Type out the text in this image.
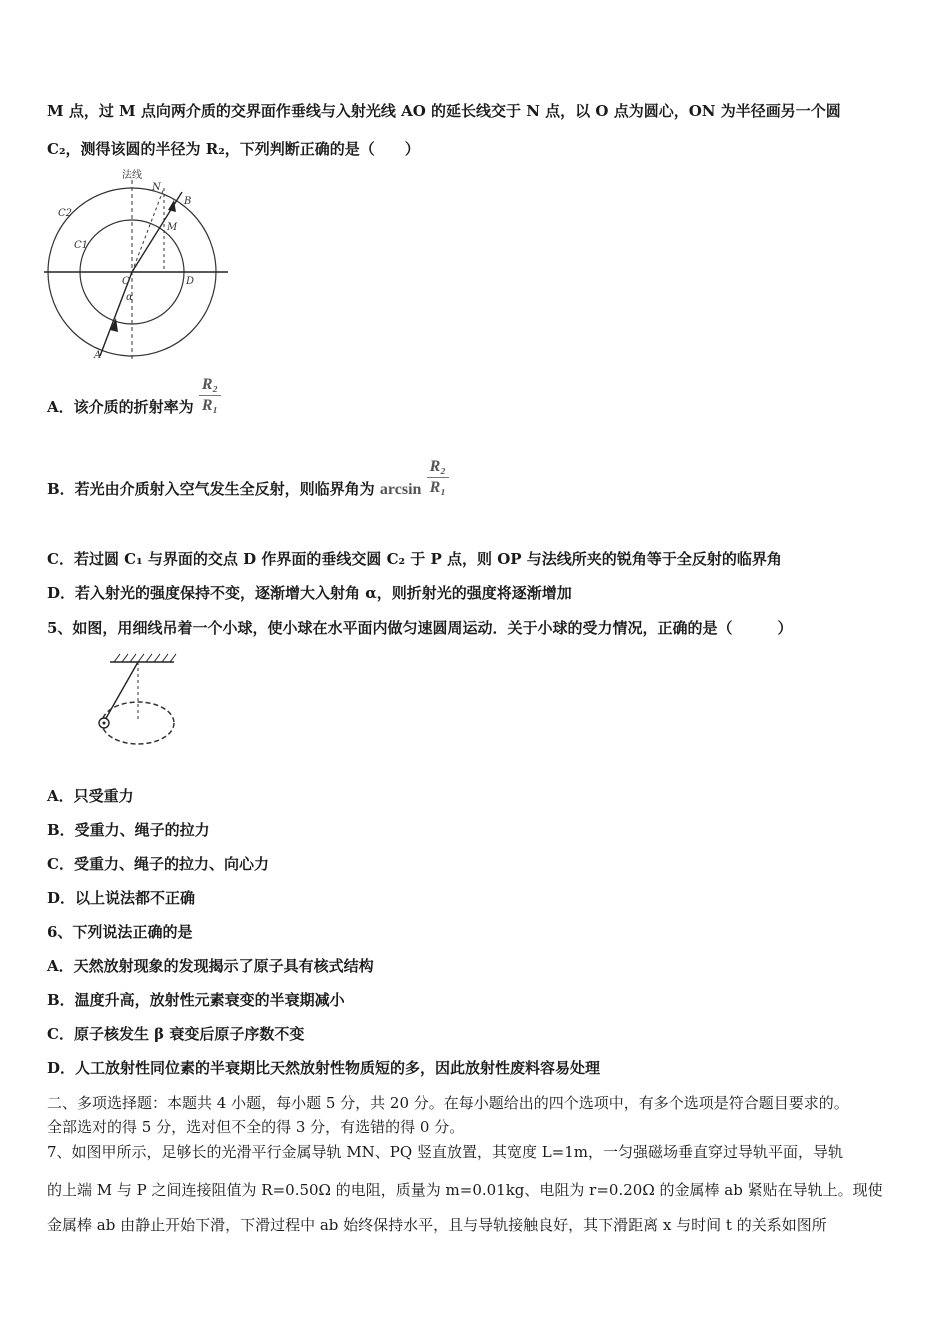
M 点，过 M 点向两介质的交界面作垂线与入射光线 AO 的延长线交于 N 点，以 O 点为圆心，ON 为半径画另一个圆
C₂，测得该圆的半径为 R₂，下列判断正确的是（　　）
法线
C2
C1
N
B
M
O	D
α
A
A．该介质的折射率为 $\frac{\text{R₂}}{\text{R₁}}$
B．若光由介质射入空气发生全反射，则临界角为 $\arcsin \frac{\text{R₂}}{\text{R₁}}$
C．若过圆 C₁ 与界面的交点 D 作界面的垂线交圆 C₂ 于 P 点，则 OP 与法线所夹的锐角等于全反射的临界角
D．若入射光的强度保持不变，逐渐增大入射角 α，则折射光的强度将逐渐增加
5、如图，用细线吊着一个小球，使小球在水平面内做匀速圆周运动．关于小球的受力情况，正确的是（　　　）
A．只受重力
B．受重力、绳子的拉力
C．受重力、绳子的拉力、向心力
D．以上说法都不正确
6、下列说法正确的是
A．天然放射现象的发现揭示了原子具有核式结构
B．温度升高，放射性元素衰变的半衰期减小
C．原子核发生 β 衰变后原子序数不变
D．人工放射性同位素的半衰期比天然放射性物质短的多，因此放射性废料容易处理
二、多项选择题：本题共 4 小题，每小题 5 分，共 20 分。在每小题给出的四个选项中，有多个选项是符合题目要求的。
全部选对的得 5 分，选对但不全的得 3 分，有选错的得 0 分。
7、如图甲所示，足够长的光滑平行金属导轨 MN、PQ 竖直放置，其宽度 L=1m，一匀强磁场垂直穿过导轨平面，导轨
的上端 M 与 P 之间连接阻值为 R=0.50Ω 的电阻，质量为 m=0.01kg、电阻为 r=0.20Ω 的金属棒 ab 紧贴在导轨上。现使
金属棒 ab 由静止开始下滑，下滑过程中 ab 始终保持水平，且与导轨接触良好，其下滑距离 x 与时间 t 的关系如图所
